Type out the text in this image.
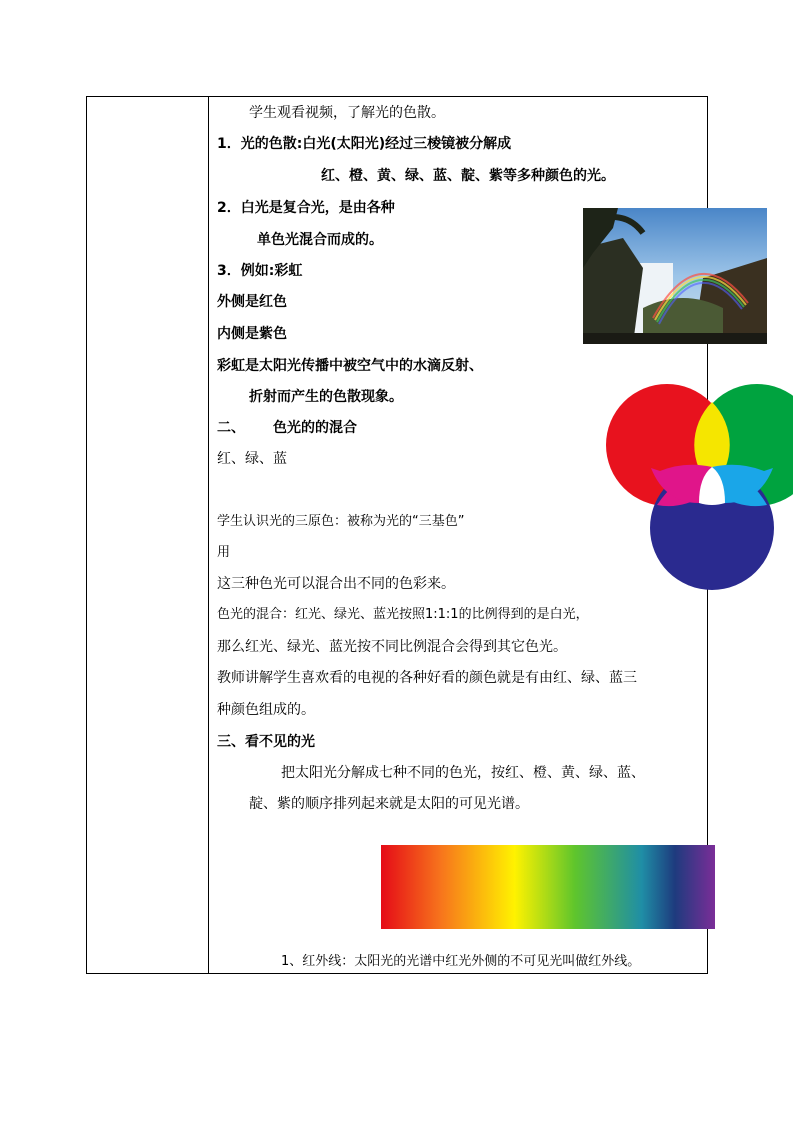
学生观看视频，了解光的色散。
1．光的色散:白光(太阳光)经过三棱镜被分解成
红、橙、黄、绿、蓝、靛、紫等多种颜色的光。
2．白光是复合光，是由各种
单色光混合而成的。
3．例如:彩虹
外侧是红色
内侧是紫色
彩虹是太阳光传播中被空气中的水滴反射、
折射而产生的色散现象。
二、 色光的的混合
红、绿、蓝
学生认识光的三原色：被称为光的“三基色”
用
这三种色光可以混合出不同的色彩来。
色光的混合：红光、绿光、蓝光按照1:1:1的比例得到的是白光，
那么红光、绿光、蓝光按不同比例混合会得到其它色光。
教师讲解学生喜欢看的电视的各种好看的颜色就是有由红、绿、蓝三
种颜色组成的。
三、看不见的光
把太阳光分解成七种不同的色光，按红、橙、黄、绿、蓝、
靛、紫的顺序排列起来就是太阳的可见光谱。
1、红外线：太阳光的光谱中红光外侧的不可见光叫做红外线。
